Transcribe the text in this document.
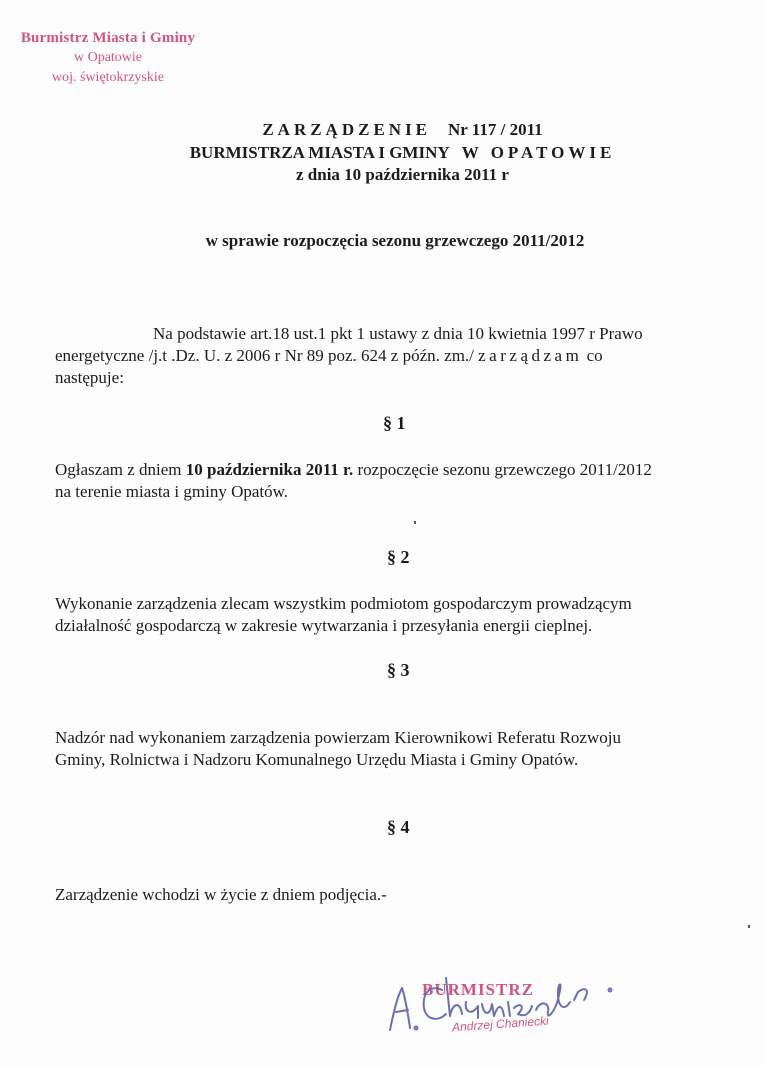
Burmistrz Miasta i Gminy
w Opatowie
woj. świętokrzyskie
ZARZĄDZENIE Nr 117 / 2011
BURMISTRZA MIASTA I GMINY W OPATOWIE
z dnia 10 października 2011 r
w sprawie rozpoczęcia sezonu grzewczego 2011/2012
Na podstawie art.18 ust.1 pkt 1 ustawy z dnia 10 kwietnia 1997 r Prawo
energetyczne /j.t .Dz. U. z 2006 r Nr 89 poz. 624 z późn. zm./ zarządzam co
następuje:
§ 1
Ogłaszam z dniem 10 października 2011 r. rozpoczęcie sezonu grzewczego 2011/2012
na terenie miasta i gminy Opatów.
§ 2
Wykonanie zarządzenia zlecam wszystkim podmiotom gospodarczym prowadzącym
działalność gospodarczą w zakresie wytwarzania i przesyłania energii cieplnej.
§ 3
Nadzór nad wykonaniem zarządzenia powierzam Kierownikowi Referatu Rozwoju
Gminy, Rolnictwa i Nadzoru Komunalnego Urzędu Miasta i Gminy Opatów.
§ 4
Zarządzenie wchodzi w życie z dniem podjęcia.-
BURMISTRZ
Andrzej Chaniecki
